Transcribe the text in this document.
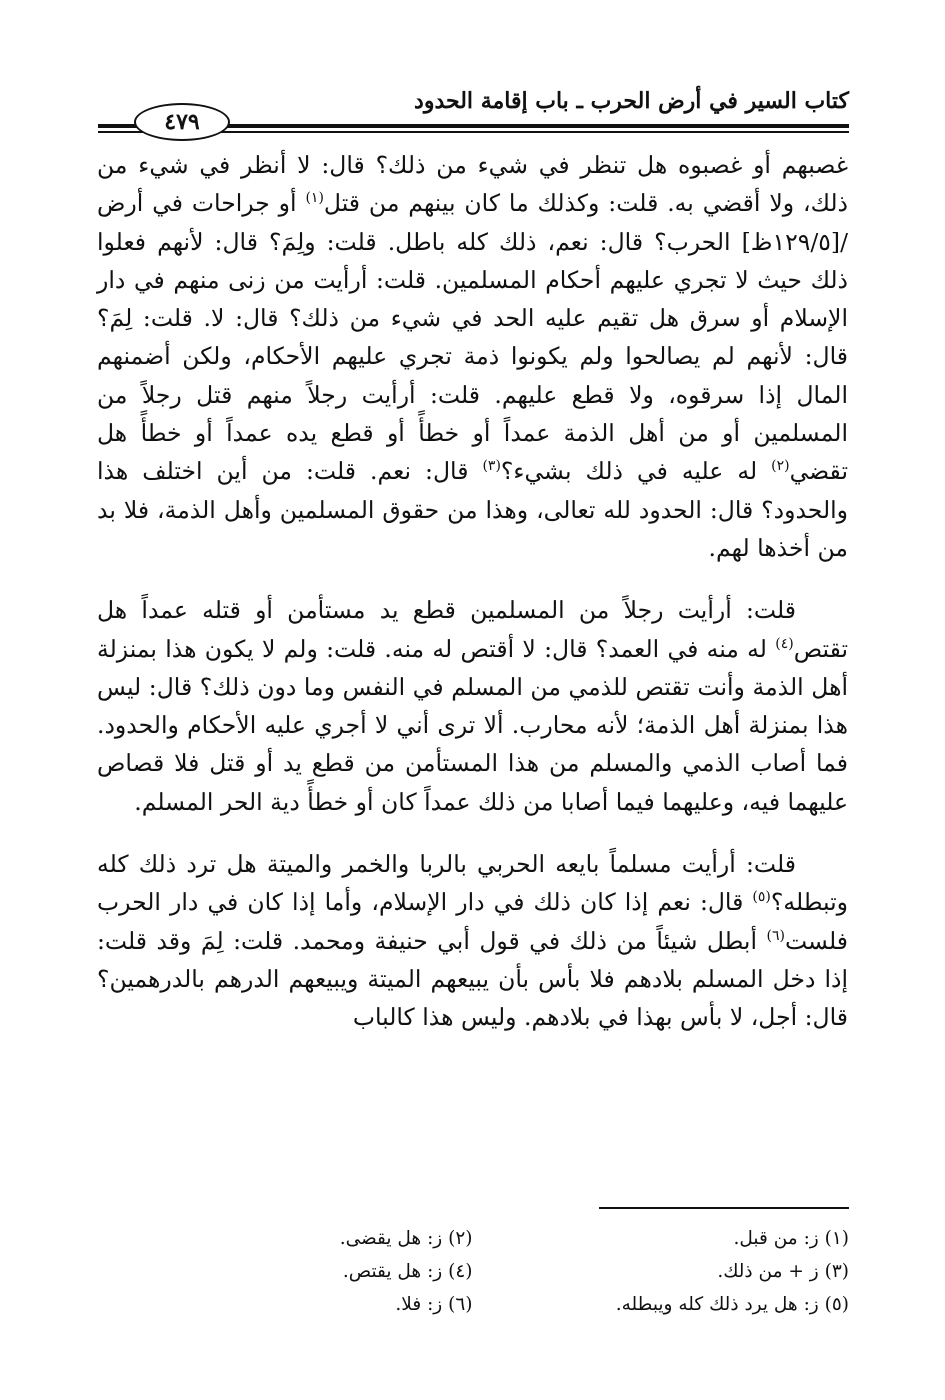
كتاب السير في أرض الحرب ـ باب إقامة الحدود
٤٧٩

غصبهم أو غصبوه هل تنظر في شيء من ذلك؟ قال: لا أنظر في شيء من ذلك، ولا أقضي به. قلت: وكذلك ما كان بينهم من قتل$^{(١)}$ أو جراحات في أرض /[١٢٩/٥ظ] الحرب؟ قال: نعم، ذلك كله باطل. قلت: ولِمَ؟ قال: لأنهم فعلوا ذلك حيث لا تجري عليهم أحكام المسلمين. قلت: أرأيت من زنى منهم في دار الإسلام أو سرق هل تقيم عليه الحد في شيء من ذلك؟ قال: لا. قلت: لِمَ؟ قال: لأنهم لم يصالحوا ولم يكونوا ذمة تجري عليهم الأحكام، ولكن أضمنهم المال إذا سرقوه، ولا قطع عليهم. قلت: أرأيت رجلاً منهم قتل رجلاً من المسلمين أو من أهل الذمة عمداً أو خطأً أو قطع يده عمداً أو خطأً هل تقضي$^{(٢)}$ له عليه في ذلك بشيء؟$^{(٣)}$ قال: نعم. قلت: من أين اختلف هذا والحدود؟ قال: الحدود لله تعالى، وهذا من حقوق المسلمين وأهل الذمة، فلا بد من أخذها لهم.

قلت: أرأيت رجلاً من المسلمين قطع يد مستأمن أو قتله عمداً هل تقتص$^{(٤)}$ له منه في العمد؟ قال: لا أقتص له منه. قلت: ولم لا يكون هذا بمنزلة أهل الذمة وأنت تقتص للذمي من المسلم في النفس وما دون ذلك؟ قال: ليس هذا بمنزلة أهل الذمة؛ لأنه محارب. ألا ترى أني لا أجري عليه الأحكام والحدود. فما أصاب الذمي والمسلم من هذا المستأمن من قطع يد أو قتل فلا قصاص عليهما فيه، وعليهما فيما أصابا من ذلك عمداً كان أو خطأً دية الحر المسلم.

قلت: أرأيت مسلماً بايعه الحربي بالربا والخمر والميتة هل ترد ذلك كله وتبطله؟$^{(٥)}$ قال: نعم إذا كان ذلك في دار الإسلام، وأما إذا كان في دار الحرب فلست$^{(٦)}$ أبطل شيئاً من ذلك في قول أبي حنيفة ومحمد. قلت: لِمَ وقد قلت: إذا دخل المسلم بلادهم فلا بأس بأن يبيعهم الميتة ويبيعهم الدرهم بالدرهمين؟ قال: أجل، لا بأس بهذا في بلادهم. وليس هذا كالباب

(١) ز: من قبل.
(٢) ز: هل يقضى.
(٣) ز + من ذلك.
(٤) ز: هل يقتص.
(٥) ز: هل يرد ذلك كله ويبطله.
(٦) ز: فلا.
